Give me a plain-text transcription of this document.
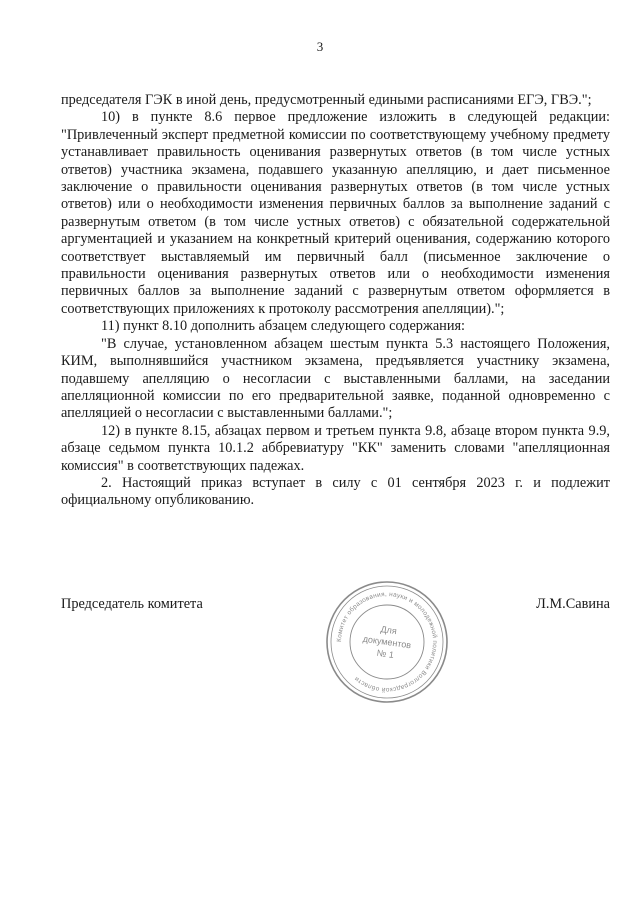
3

председателя ГЭК в иной день, предусмотренный едиными расписаниями ЕГЭ, ГВЭ.";

10) в пункте 8.6 первое предложение изложить в следующей редакции: "Привлеченный эксперт предметной комиссии по соответствующему учебному предмету устанавливает правильность оценивания развернутых ответов (в том числе устных ответов) участника экзамена, подавшего указанную апелляцию, и дает письменное заключение о правильности оценивания развернутых ответов (в том числе устных ответов) или о необходимости изменения первичных баллов за выполнение заданий с развернутым ответом (в том числе устных ответов) с обязательной содержательной аргументацией и указанием на конкретный критерий оценивания, содержанию которого соответствует выставляемый им первичный балл (письменное заключение о правильности оценивания развернутых ответов или о необходимости изменения первичных баллов за выполнение заданий с развернутым ответом оформляется в соответствующих приложениях к протоколу рассмотрения апелляции).";

11) пункт 8.10 дополнить абзацем следующего содержания:

"В случае, установленном абзацем шестым пункта 5.3 настоящего Положения, КИМ, выполнявшийся участником экзамена, предъявляется участнику экзамена, подавшему апелляцию о несогласии с выставленными баллами, на заседании апелляционной комиссии по его предварительной заявке, поданной одновременно с апелляцией о несогласии с выставленными баллами.";

12) в пункте 8.15, абзацах первом и третьем пункта 9.8, абзаце втором пункта 9.9, абзаце седьмом пункта 10.1.2 аббревиатуру "КК" заменить словами "апелляционная комиссия" в соответствующих падежах.

2. Настоящий приказ вступает в силу с 01 сентября 2023 г. и подлежит официальному опубликованию.

Председатель комитета
Комитет образования, науки и молодежной политики Волгоградской области
Для
документов
№ 1
Л.М.Савина
